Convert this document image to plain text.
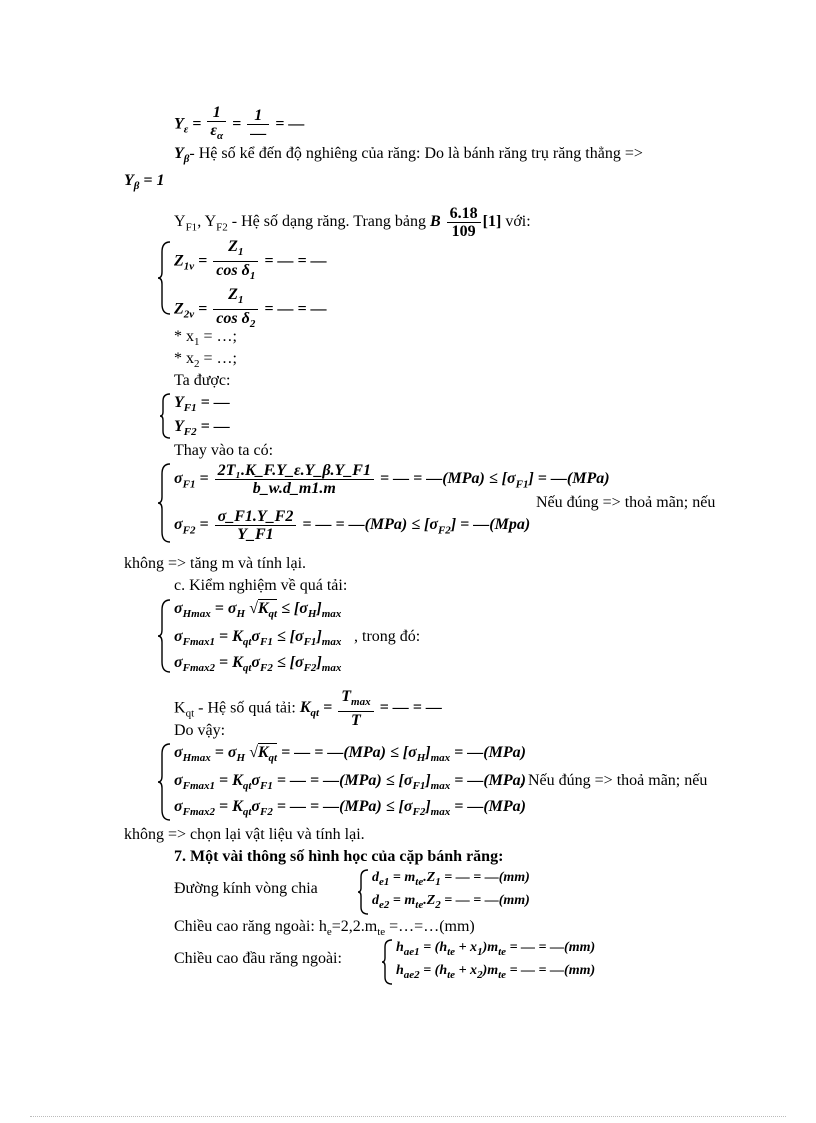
$Y_\varepsilon = \frac{1}{\varepsilon_\alpha} = \frac{1}{—}$ = —
$Y_\beta-$ Hệ số kể đến độ nghiêng của răng: Do là bánh răng trụ răng thẳng =>
$Y_\beta = 1$
$Y_{F1}$, $Y_{F2}$ - Hệ số dạng răng. Trang bảng B $\frac{6.18}{109} [1]$ với:
$Z_{1v} = \frac{Z_1}{\cos \delta_1}$ = — = —
$Z_{2v} = \frac{Z_1}{\cos \delta_2}$ = — = —
* $x_1$ = …;
* $x_2$ = …;
Ta được:
$Y_{F1}$ = —
$Y_{F2}$ = —
Thay vào ta có:
$\sigma_{F1} = \frac{\text{2T₁.K\_F.Y\_ε.Y\_β.Y\_F1}}{b\_w.d\_m1.m}$ = — = —(MPa) ≤ $[\sigma_{F1}]$ = —(MPa)
$\sigma_{F2} = \frac{\sigma\_F1.Y\_F2}{Y\_F1}$ = — = —(MPa) ≤ $[\sigma_{F2}]$ = —(Mpa)
Nếu đúng => thoả mãn; nếu
không => tăng m và tính lại.
c. Kiểm nghiệm về quá tải:
$\sigma_{Hmax} = \sigma_H$ $√K_{qt} \le [\sigma_H]_{max}$
$\sigma_{Fmax1} = K_{qt}\sigma_{F1} \le [\sigma_{F1}]_{max}$ , trong đó:
$\sigma_{Fmax2} = K_{qt}\sigma_{F2} \le [\sigma_{F2}]_{max}$
$K_{qt}$ - Hệ số quá tải: $K_{qt} = \frac{T_{max}}{T}$ = — = —
Do vậy:
$\sigma_{Hmax} = \sigma_H$ $√K_{qt}$ = — = —(MPa) ≤ $[\sigma_H]_{max}$ = —(MPa)
$\sigma_{Fmax1} = K_{qt}\sigma_{F1}$ = — = —(MPa) ≤ $[\sigma_{F1}]_{max}$ = —(MPa)
, Nếu đúng => thoả mãn; nếu
$\sigma_{Fmax2} = K_{qt}\sigma_{F2}$ = — = —(MPa) ≤ $[\sigma_{F2}]_{max}$ = —(MPa)
không => chọn lại vật liệu và tính lại.
7. Một vài thông số hình học của cặp bánh răng:
Đường kính vòng chia
$d_{e1} = m_{te}.Z_1$ = — = —(mm)
$d_{e2} = m_{te}.Z_2$ = — = —(mm)
Chiều cao răng ngoài: $h_e=2,2.m_{te}$ =…=…(mm)
Chiều cao đầu răng ngoài:
$h_{ae1} = (h_{te} + x_1)m_{te}$ = — = —(mm)
$h_{ae2} = (h_{te} + x_2)m_{te}$ = — = —(mm)
